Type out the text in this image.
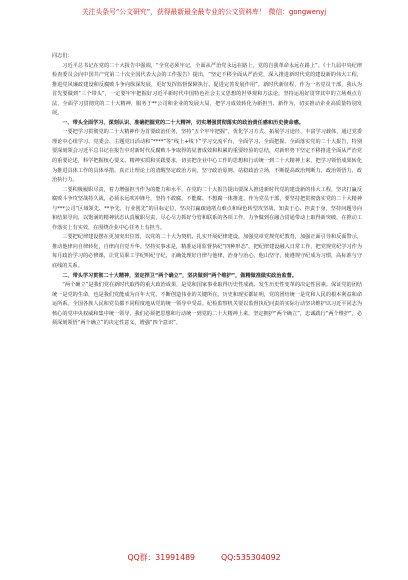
关注头条号“公文研究”，获得最新最全最专业的公文资料库！ 微信：gongwenyj

同志们：

习近平总书记在党的二十大报告中强调，“全党必须牢记，全面从严治党永远在路上，党的自我革命永远在路上”。《十九届中央纪律检查委员会向中国共产党第二十次全国代表大会的工作报告》提出，“坚定不移全面从严治党，深入推进新时代党的建设新的伟大工程，推进党风廉政建设和反腐败斗争向纵深发展，更好发挥监督保障执行、促进完善发展作用”。新时代新征程，作为一名党员干部，我认为首先要做到“三个带头”，一定要牢牢把握好习近平新时代中国特色社会主义思想的世界观和方法论，坚持运用好贯穿其中的立场观点方法，全面学习贯彻党的二十大精神，服务于**公司和企业的发展大局，把学习成效转化为新担当、新作为，切实推动企业高质量特别发展。

一、带头全面学习、深刻认识、准确把握党的二十大精神，切实增强贯彻落实的政治责任感和历史使命感。

一要把学习贯彻党的二十大精神作为首要政治任务，坚持“五个牢牢把握”，优化学习方式、拓展学习途径、丰富学习载体，通过党委理论中心组学习、党委会、主题党日活动和“****”等“线上+线下”学习交流平台，全面学习、全面把握、全面落实党的二十大报告，特别要深刻领会习近平总书记在报告中对新时代反腐败斗争取得的显著成效和积累的重要经验的总结，对新形势下坚定不移推进全面从严治党的重要论述，科学把握核心要义、精神实质和实践要求，切实把企业中心工作的思想和行动统一到二十大精神上来，把学习领悟成果转化为推进具体工作的具体举措。真正让理论上的清醒坚定政治方向，坚守政治原则、站稳政治立场，不断提高政治判断力、政治领悟力、政治执行力。

二要积极履职尽责，着力增强担当作为的能力和水平，在党的二十大报告提出要深入推进新时代党的建设新的伟大工程，坚决打赢反腐败斗争攻坚战持久战，必须永远吹冲锋号，坚持不敢腐、不能腐、不想腐一体推进。作为党员干部，要坚持把贯彻落实党的二十大精神与***公司“区域领先、**争先，行业创先”的目标定位，坚决打赢疏通堵点难点和绿色转型攻坚战，知责于心、担责于身，坚持问题导向和结果导向，以饱满的精神状态认真履职尽责，尽心尽力抓好分管和联系的各项工作，力争做到在融合贯通带动上取得新突破，在推动工作落实上有实效，在围绕企业中心任务上有担当。

三要把纪律建设摆在更加突出位置，以党的二十大为契机，扎实开展纪律建设。加强党章党规党纪教育，加强正面引导和反面警示，推动他律向自律转化，自律向自觉升华。坚持实事求是，精准运用监督执纪“四种形态”。把纪律建设融入日常工作，把党规党纪学习作为每月政治学习的必修课，让党员职工学纪明纪守纪，正确处理好自律与他律，治身与治心，他山坚守，使遵规守纪成为习惯，高标准与守底线的关系。

二、带头学习贯彻二十大精神，坚定捍卫“两个确立”，坚决做到“两个维护”，做精做准做实政治监督。

“两个确立”是我们党在新时代取得的重大政治成果，是党和国家事业取得历史性成就、发生历史性变革的决定性因素。保证党的团结统一是党的生命，也是我们党能成为百年大党、不断创造伟业的关键所在。历史和现实都证明，党的团结统一是党和人民的根本利益和命运所系。全国各族人民和党员都不同程度地从党的统一领导中受益。纪检监察机关要以监督执纪问责的实际行动坚决维护以习近平同志为核心的党中央权威和集中统一领导，我们必须把思想和行动统一到党的二十大精神上来，坚定拥护“两个确立”，忠诚践行“两个维护”，必须深刻领悟“两个确立”的决定性意义，增强“四个意识”。

QQ群：31991489	QQ:535304092
